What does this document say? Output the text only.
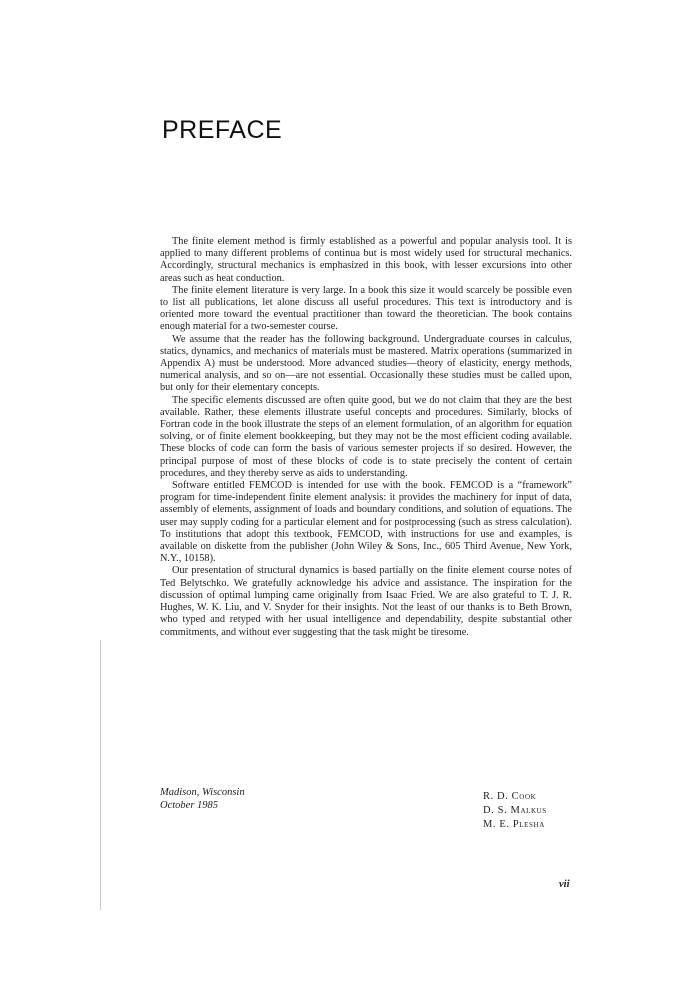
PREFACE

The finite element method is firmly established as a powerful and popular analysis tool. It is applied to many different problems of continua but is most widely used for structural mechanics. Accordingly, structural mechanics is emphasized in this book, with lesser excursions into other areas such as heat conduction.

The finite element literature is very large. In a book this size it would scarcely be possible even to list all publications, let alone discuss all useful procedures. This text is introductory and is oriented more toward the eventual practitioner than toward the theoretician. The book contains enough material for a two-semester course.

We assume that the reader has the following background. Undergraduate courses in calculus, statics, dynamics, and mechanics of materials must be mastered. Matrix operations (summarized in Appendix A) must be understood. More advanced studies—theory of elasticity, energy methods, numerical analysis, and so on—are not essential. Occasionally these studies must be called upon, but only for their elementary concepts.

The specific elements discussed are often quite good, but we do not claim that they are the best available. Rather, these elements illustrate useful concepts and procedures. Similarly, blocks of Fortran code in the book illustrate the steps of an element formulation, of an algorithm for equation solving, or of finite element bookkeeping, but they may not be the most efficient coding available. These blocks of code can form the basis of various semester projects if so desired. However, the principal purpose of most of these blocks of code is to state precisely the content of certain procedures, and they thereby serve as aids to understanding.

Software entitled FEMCOD is intended for use with the book. FEMCOD is a “framework” program for time-independent finite element analysis: it provides the machinery for input of data, assembly of elements, assignment of loads and boundary conditions, and solution of equations. The user may supply coding for a particular element and for postprocessing (such as stress calculation). To institutions that adopt this textbook, FEMCOD, with instructions for use and examples, is available on diskette from the publisher (John Wiley & Sons, Inc., 605 Third Avenue, New York, N.Y., 10158).

Our presentation of structural dynamics is based partially on the finite element course notes of Ted Belytschko. We gratefully acknowledge his advice and assistance. The inspiration for the discussion of optimal lumping came originally from Isaac Fried. We are also grateful to T. J. R. Hughes, W. K. Liu, and V. Snyder for their insights. Not the least of our thanks is to Beth Brown, who typed and retyped with her usual intelligence and dependability, despite substantial other commitments, and without ever suggesting that the task might be tiresome.

Madison, Wisconsin
October 1985
R. D. Cook
D. S. Malkus
M. E. Plesha
vii
